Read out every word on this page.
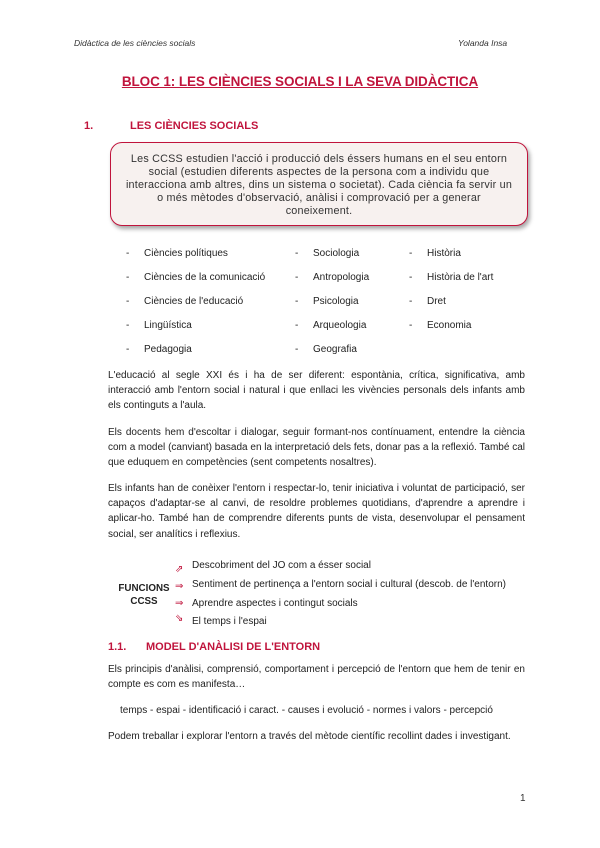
Didàctica de les ciències socials	Yolanda Insa
BLOC 1: LES CIÈNCIES SOCIALS I LA SEVA DIDÀCTICA
1.	LES CIÈNCIES SOCIALS
Les CCSS estudien l'acció i producció dels éssers humans en el seu entorn social (estudien diferents aspectes de la persona com a individu que interacciona amb altres, dins un sistema o societat). Cada ciència fa servir un o més mètodes d'observació, anàlisi i comprovació per a generar coneixement.
- Ciències polítiques
- Ciències de la comunicació
- Ciències de l'educació
- Lingüística
- Pedagogia
- Sociologia
- Antropologia
- Psicologia
- Arqueologia
- Geografia
- Història
- Història de l'art
- Dret
- Economia
L'educació al segle XXI és i ha de ser diferent: espontània, crítica, significativa, amb interacció amb l'entorn social i natural i que enllaci les vivències personals dels infants amb els continguts a l'aula.
Els docents hem d'escoltar i dialogar, seguir formant-nos contínuament, entendre la ciència com a model (canviant) basada en la interpretació dels fets, donar pas a la reflexió. També cal que eduquem en competències (sent competents nosaltres).
Els infants han de conèixer l'entorn i respectar-lo, tenir iniciativa i voluntat de participació, ser capaços d'adaptar-se al canvi, de resoldre problemes quotidians, d'aprendre a aprendre i aplicar-ho. També han de comprendre diferents punts de vista, desenvolupar el pensament social, ser analítics i reflexius.
FUNCIONS
CCSS
⇗
⇒
⇒
⇘
Descobriment del JO com a ésser social
Sentiment de pertinença a l'entorn social i cultural (descob. de l'entorn)
Aprendre aspectes i contingut socials
El temps i l'espai
1.1. MODEL D'ANÀLISI DE L'ENTORN
Els principis d'anàlisi, comprensió, comportament i percepció de l'entorn que hem de tenir en compte es com es manifesta…
temps - espai - identificació i caract. - causes i evolució - normes i valors - percepció
Podem treballar i explorar l'entorn a través del mètode científic recollint dades i investigant.
1
